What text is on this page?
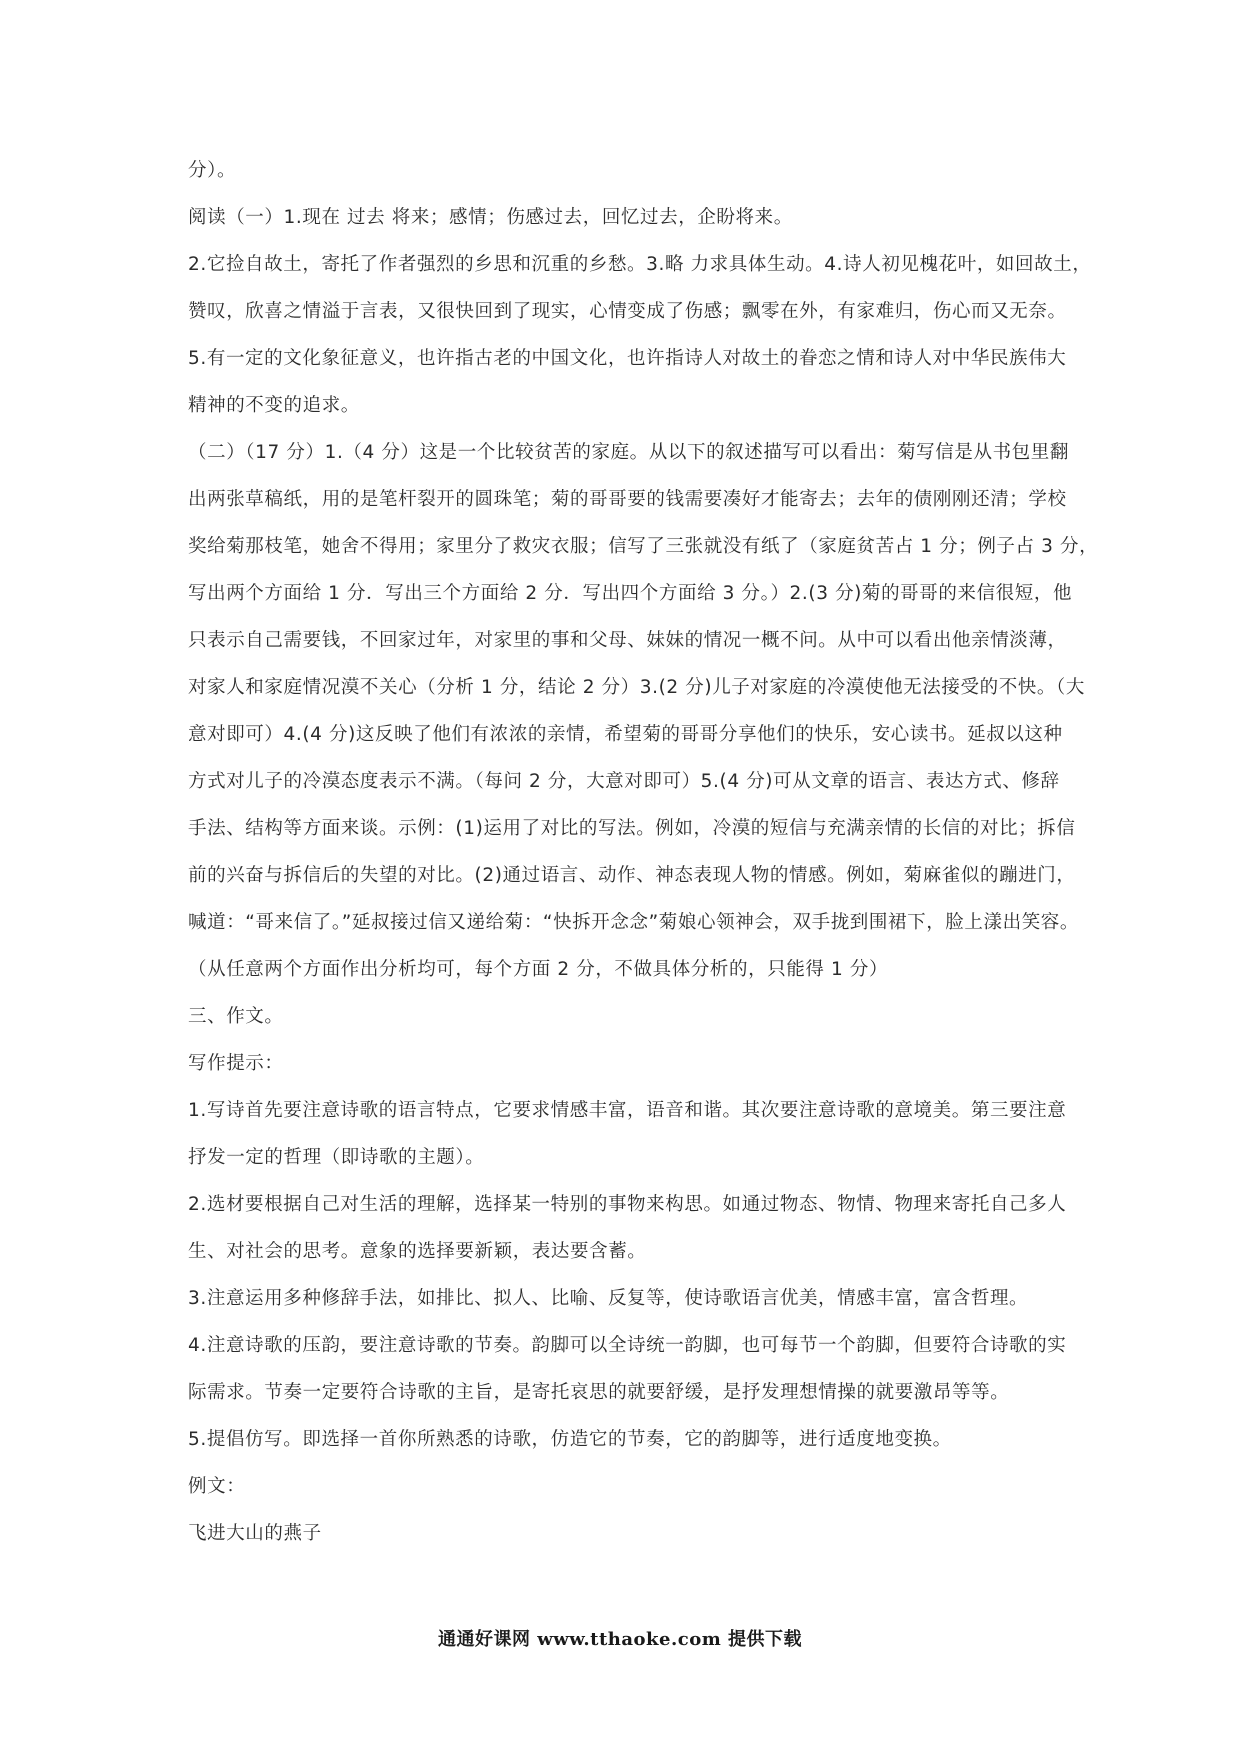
分）。
阅读（一）1.现在 过去 将来；感情；伤感过去，回忆过去，企盼将来。
2.它捡自故土，寄托了作者强烈的乡思和沉重的乡愁。3.略 力求具体生动。4.诗人初见槐花叶，如回故土，
赞叹，欣喜之情溢于言表，又很快回到了现实，心情变成了伤感；飘零在外，有家难归，伤心而又无奈。
5.有一定的文化象征意义，也许指古老的中国文化，也许指诗人对故土的眷恋之情和诗人对中华民族伟大
精神的不变的追求。
（二）（17 分）1.（4 分）这是一个比较贫苦的家庭。从以下的叙述描写可以看出：菊写信是从书包里翻
出两张草稿纸，用的是笔杆裂开的圆珠笔；菊的哥哥要的钱需要凑好才能寄去；去年的债刚刚还清；学校
奖给菊那枝笔，她舍不得用；家里分了救灾衣服；信写了三张就没有纸了（家庭贫苦占 1 分；例子占 3 分，
写出两个方面给 1 分．写出三个方面给 2 分．写出四个方面给 3 分。）2.(3 分)菊的哥哥的来信很短，他
只表示自己需要钱，不回家过年，对家里的事和父母、妹妹的情况一概不问。从中可以看出他亲情淡薄，
对家人和家庭情况漠不关心（分析 1 分，结论 2 分）3.(2 分)儿子对家庭的冷漠使他无法接受的不快。（大
意对即可）4.(4 分)这反映了他们有浓浓的亲情，希望菊的哥哥分享他们的快乐，安心读书。延叔以这种
方式对儿子的冷漠态度表示不满。（每问 2 分，大意对即可）5.(4 分)可从文章的语言、表达方式、修辞
手法、结构等方面来谈。示例：(1)运用了对比的写法。例如，冷漠的短信与充满亲情的长信的对比；拆信
前的兴奋与拆信后的失望的对比。(2)通过语言、动作、神态表现人物的情感。例如，菊麻雀似的蹦进门，
喊道：“哥来信了。”延叔接过信又递给菊：“快拆开念念”菊娘心领神会，双手拢到围裙下，脸上漾出笑容。
（从任意两个方面作出分析均可，每个方面 2 分，不做具体分析的，只能得 1 分）
三、作文。
写作提示：
1.写诗首先要注意诗歌的语言特点，它要求情感丰富，语音和谐。其次要注意诗歌的意境美。第三要注意
抒发一定的哲理（即诗歌的主题）。
2.选材要根据自己对生活的理解，选择某一特别的事物来构思。如通过物态、物情、物理来寄托自己多人
生、对社会的思考。意象的选择要新颖，表达要含蓄。
3.注意运用多种修辞手法，如排比、拟人、比喻、反复等，使诗歌语言优美，情感丰富，富含哲理。
4.注意诗歌的压韵，要注意诗歌的节奏。韵脚可以全诗统一韵脚，也可每节一个韵脚，但要符合诗歌的实
际需求。节奏一定要符合诗歌的主旨，是寄托哀思的就要舒缓，是抒发理想情操的就要激昂等等。
5.提倡仿写。即选择一首你所熟悉的诗歌，仿造它的节奏，它的韵脚等，进行适度地变换。
例文：
飞进大山的燕子
通通好课网 www.tthaoke.com 提供下载
